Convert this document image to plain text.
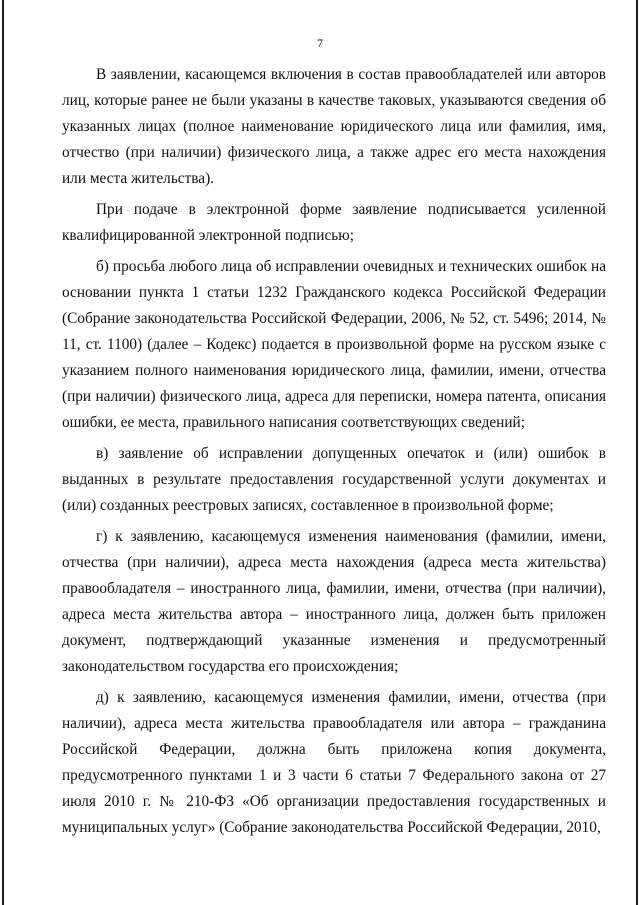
7

В заявлении, касающемся включения в состав правообладателей или авторов лиц, которые ранее не были указаны в качестве таковых, указываются сведения об указанных лицах (полное наименование юридического лица или фамилия, имя, отчество (при наличии) физического лица, а также адрес его места нахождения или места жительства).

При подаче в электронной форме заявление подписывается усиленной квалифицированной электронной подписью;

б) просьба любого лица об исправлении очевидных и технических ошибок на основании пункта 1 статьи 1232 Гражданского кодекса Российской Федерации (Собрание законодательства Российской Федерации, 2006, № 52, ст. 5496; 2014, № 11, ст. 1100) (далее – Кодекс) подается в произвольной форме на русском языке с указанием полного наименования юридического лица, фамилии, имени, отчества (при наличии) физического лица, адреса для переписки, номера патента, описания ошибки, ее места, правильного написания соответствующих сведений;

в) заявление об исправлении допущенных опечаток и (или) ошибок в выданных в результате предоставления государственной услуги документах и (или) созданных реестровых записях, составленное в произвольной форме;

г) к заявлению, касающемуся изменения наименования (фамилии, имени, отчества (при наличии), адреса места нахождения (адреса места жительства) правообладателя – иностранного лица, фамилии, имени, отчества (при наличии), адреса места жительства автора – иностранного лица, должен быть приложен документ, подтверждающий указанные изменения и предусмотренный законодательством государства его происхождения;

д) к заявлению, касающемуся изменения фамилии, имени, отчества (при наличии), адреса места жительства правообладателя или автора – гражданина Российской Федерации, должна быть приложена копия документа, предусмотренного пунктами 1 и 3 части 6 статьи 7 Федерального закона от 27 июля 2010 г. № 210-ФЗ «Об организации предоставления государственных и муниципальных услуг» (Собрание законодательства Российской Федерации, 2010,
